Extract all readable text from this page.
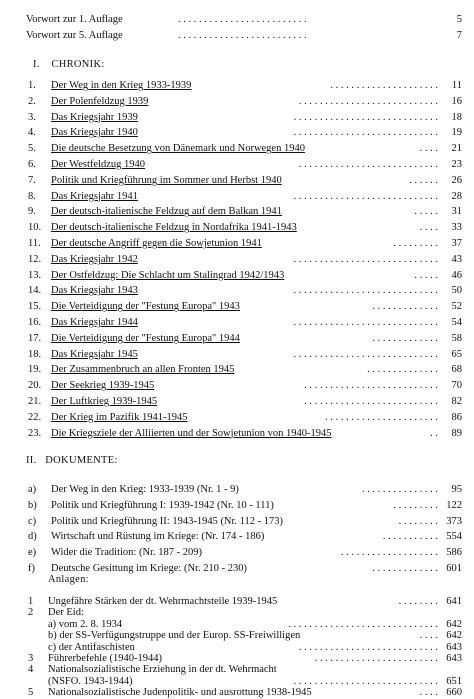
Vorwort zur 1. Auflage	. . . . . . . . . . . . . . . . . . . . . . . . .	5
Vorwort zur 5. Auflage	. . . . . . . . . . . . . . . . . . . . . . . . .	7
I.    CHRONIK:
1. Der Weg in den Krieg 1933-1939	. . . . . . . . . . . . . . . . . . . . . 11
2. Der Polenfeldzug 1939	. . . . . . . . . . . . . . . . . . . . . . . . . . . 16
3. Das Kriegsjahr 1939	. . . . . . . . . . . . . . . . . . . . . . . . . . . . 18
4. Das Kriegsjahr 1940	. . . . . . . . . . . . . . . . . . . . . . . . . . . . 19
5. Die deutsche Besetzung von Dänemark und Norwegen 1940	. . . . 21
6. Der Westfeldzug 1940	. . . . . . . . . . . . . . . . . . . . . . . . . . . 23
7. Politik und Kriegführung im Sommer und Herbst 1940	. . . . . . 26
8. Das Kriegsjahr 1941	. . . . . . . . . . . . . . . . . . . . . . . . . . . . 28
9. Der deutsch-italienische Feldzug auf dem Balkan 1941	. . . . . 31
10. Der deutsch-italienische Feldzug in Nordafrika 1941-1943	. . . . 33
11. Der deutsche Angriff gegen die Sowjetunion 1941	. . . . . . . . . 37
12. Das Kriegsjahr 1942	. . . . . . . . . . . . . . . . . . . . . . . . . . . . 43
13. Der Ostfeldzug: Die Schlacht um Stalingrad 1942/1943	. . . . . 46
14. Das Kriegsjahr 1943	. . . . . . . . . . . . . . . . . . . . . . . . . . . . 50
15. Die Verteidigung der "Festung Europa" 1943	. . . . . . . . . . . . . 52
16. Das Kriegsjahr 1944	. . . . . . . . . . . . . . . . . . . . . . . . . . . . 54
17. Die Verteidigung der "Festung Europa" 1944	. . . . . . . . . . . . . 58
18. Das Kriegsjahr 1945	. . . . . . . . . . . . . . . . . . . . . . . . . . . . 65
19. Der Zusammenbruch an allen Fronten 1945	. . . . . . . . . . . . . . 68
20. Der Seekrieg 1939-1945	. . . . . . . . . . . . . . . . . . . . . . . . . . 70
21. Der Luftkrieg 1939-1945	. . . . . . . . . . . . . . . . . . . . . . . . . . 82
22. Der Krieg im Pazifik 1941-1945	. . . . . . . . . . . . . . . . . . . . . . 86
23. Die Kriegsziele der Alliierten und der Sowjetunion von 1940-1945	. . 89
II.   DOKUMENTE:
a) Der Weg in den Krieg: 1933-1939 (Nr. 1 - 9)	. . . . . . . . . . . . . . . 95
b) Politik und Kriegführung I: 1939-1942 (Nr. 10 - 111)	. . . . . . . . . 122
c) Politik und Kriegführung II: 1943-1945 (Nr. 112 - 173)	. . . . . . . . 373
d) Wirtschaft und Rüstung im Kriege: (Nr. 174 - 186)	. . . . . . . . . . . 554
e) Wider die Tradition: (Nr. 187 - 209)	. . . . . . . . . . . . . . . . . . . 586
f) Deutsche Gesittung im Kriege: (Nr. 210 - 230)	. . . . . . . . . . . . . 601
Anlagen:
1 Ungefähre Stärken der dt. Wehrmachtsteile 1939-1945	. . . . . . . . 641
2 Der Eid:
a) vom 2. 8. 1934	. . . . . . . . . . . . . . . . . . . . . . . . . . . . . 642
b) der SS-Verfügungstruppe und der Europ. SS-Freiwilligen	. . . . 642
c) der Antifaschisten	. . . . . . . . . . . . . . . . . . . . . . . . . . . 643
3 Führerbefehle (1940-1944)	. . . . . . . . . . . . . . . . . . . . . . . . 643
4 Nationalsozialistische Erziehung in der dt. Wehrmacht
(NSFO. 1943-1944)	. . . . . . . . . . . . . . . . . . . . . . . . . . . . 651
5 Nationalsozialistische Judenpolitik- und ausrottung 1938-1945	. . . . 660
